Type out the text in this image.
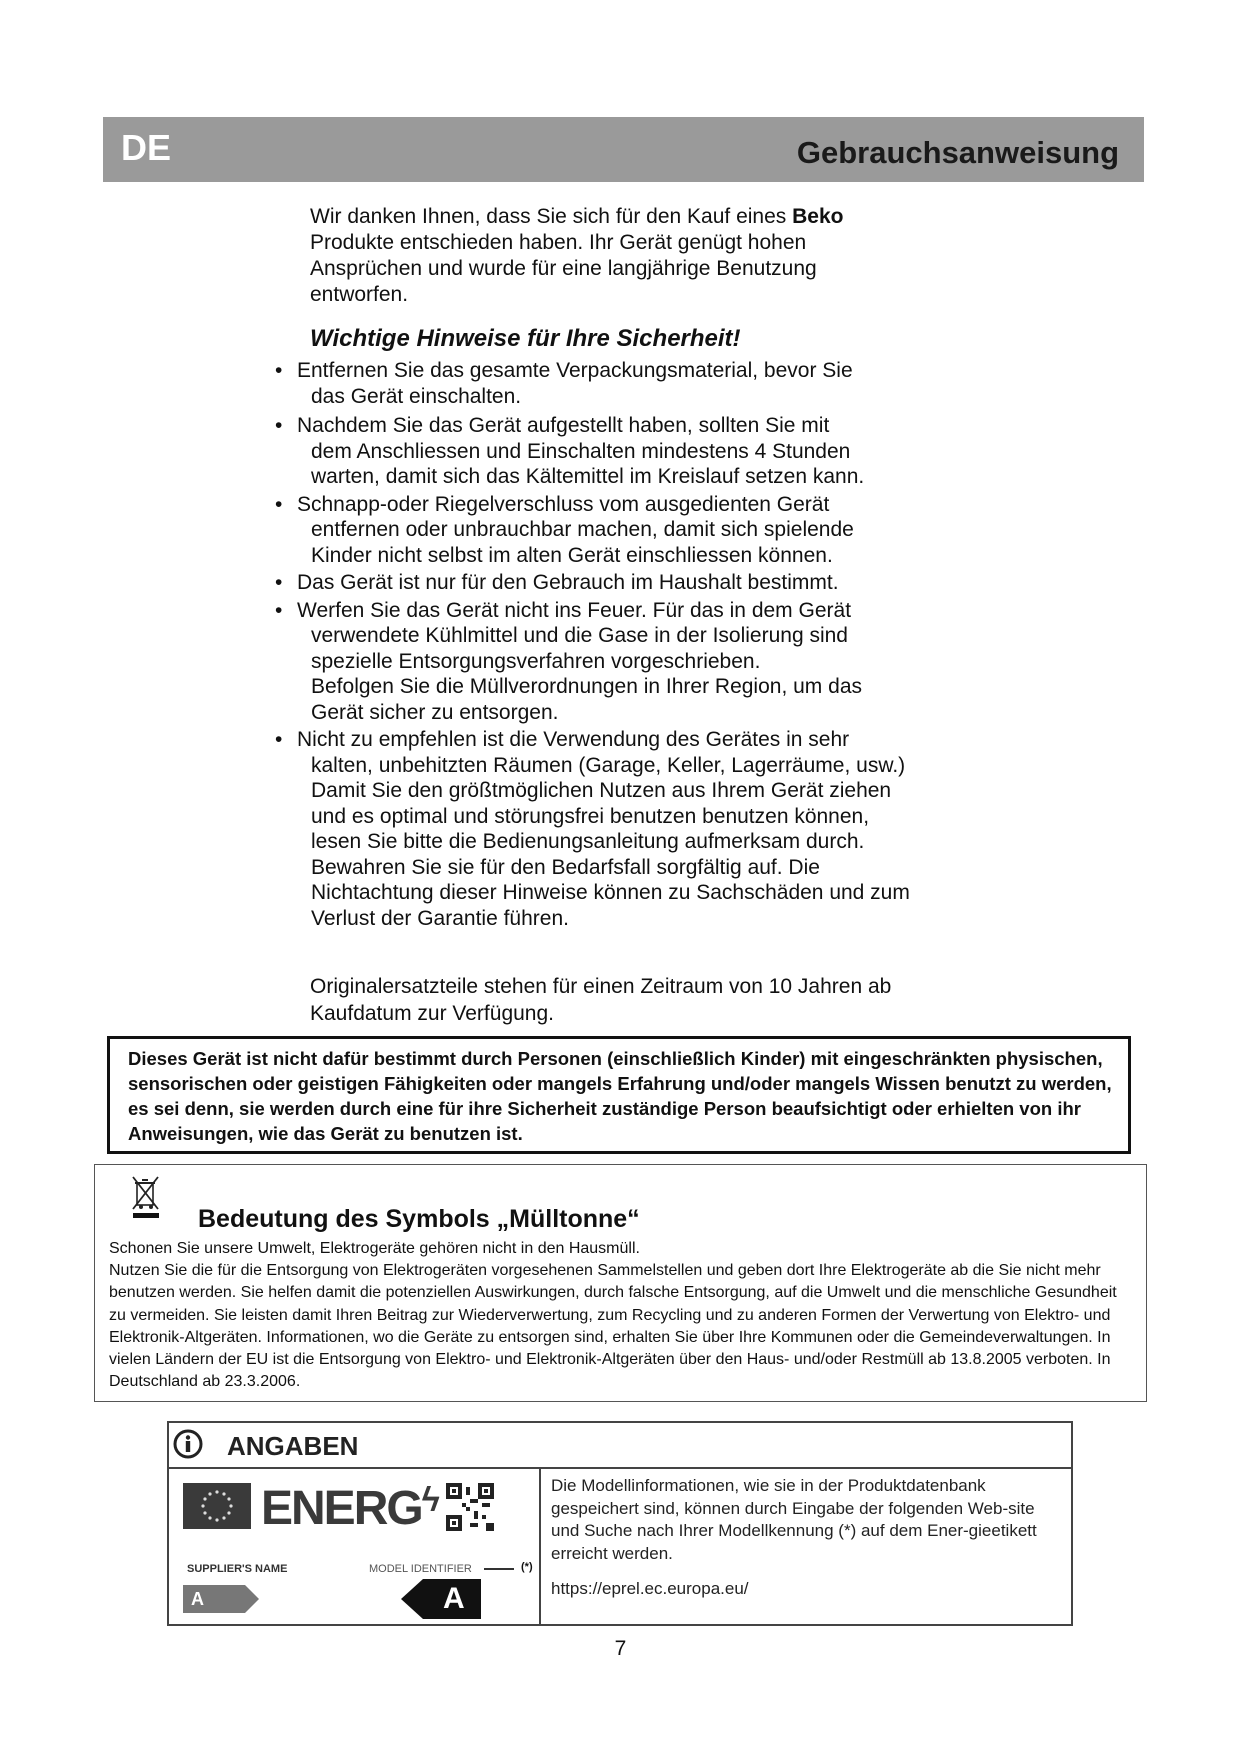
DE	Gebrauchsanweisung
Wir danken Ihnen, dass Sie sich für den Kauf eines Beko Produkte entschieden haben. Ihr Gerät genügt hohen Ansprüchen und wurde für eine langjährige Benutzung entworfen.
Wichtige Hinweise für Ihre Sicherheit!
• Entfernen Sie das gesamte Verpackungsmaterial, bevor Sie
das Gerät einschalten.
• Nachdem Sie das Gerät aufgestellt haben, sollten Sie mit
dem Anschliessen und Einschalten mindestens 4 Stunden warten, damit sich das Kältemittel im Kreislauf setzen kann.
• Schnapp-oder Riegelverschluss vom ausgedienten Gerät
entfernen oder unbrauchbar machen, damit sich spielende Kinder nicht selbst im alten Gerät einschliessen können.
• Das Gerät ist nur für den Gebrauch im Haushalt bestimmt.
• Werfen Sie das Gerät nicht ins Feuer. Für das in dem Gerät
verwendete Kühlmittel und die Gase in der Isolierung sind spezielle Entsorgungsverfahren vorgeschrieben.
Befolgen Sie die Müllverordnungen in Ihrer Region, um das Gerät sicher zu entsorgen.
• Nicht zu empfehlen ist die Verwendung des Gerätes in sehr
kalten, unbehitzten Räumen (Garage, Keller, Lagerräume, usw.)
Damit Sie den größtmöglichen Nutzen aus Ihrem Gerät ziehen und es optimal und störungsfrei benutzen benutzen können, lesen Sie bitte die Bedienungsanleitung aufmerksam durch. Bewahren Sie sie für den Bedarfsfall sorgfältig auf. Die Nichtachtung dieser Hinweise können zu Sachschäden und zum Verlust der Garantie führen.
Originalersatzteile stehen für einen Zeitraum von 10 Jahren ab Kaufdatum zur Verfügung.
Dieses Gerät ist nicht dafür bestimmt durch Personen (einschließlich Kinder) mit eingeschränkten physischen, sensorischen oder geistigen Fähigkeiten oder mangels Erfahrung und/oder mangels Wissen benutzt zu werden, es sei denn, sie werden durch eine für ihre Sicherheit zuständige Person beaufsichtigt oder erhielten von ihr Anweisungen, wie das Gerät zu benutzen ist.
Bedeutung des Symbols „Mülltonne“
Schonen Sie unsere Umwelt, Elektrogeräte gehören nicht in den Hausmüll.
Nutzen Sie die für die Entsorgung von Elektrogeräten vorgesehenen Sammelstellen und geben dort Ihre Elektrogeräte ab die Sie nicht mehr benutzen werden. Sie helfen damit die potenziellen Auswirkungen, durch falsche Entsorgung, auf die Umwelt und die menschliche Gesundheit zu vermeiden. Sie leisten damit Ihren Beitrag zur Wiederverwertung, zum Recycling und zu anderen Formen der Verwertung von Elektro- und Elektronik-Altgeräten. Informationen, wo die Geräte zu entsorgen sind, erhalten Sie über Ihre Kommunen oder die Gemeindeverwaltungen. In vielen Ländern der EU ist die Entsorgung von Elektro- und Elektronik-Altgeräten über den Haus- und/oder Restmüll ab 13.8.2005 verboten. In Deutschland ab 23.3.2006.
ANGABEN
$ENERG^ϟ$
SUPPLIER'S NAME	MODEL IDENTIFIER	(*)
A	A
Die Modellinformationen, wie sie in der Produktdatenbank gespeichert sind, können durch Eingabe der folgenden Web-site und Suche nach Ihrer Modellkennung (*) auf dem Ener-gieetikett erreicht werden.
https://eprel.ec.europa.eu/
7
